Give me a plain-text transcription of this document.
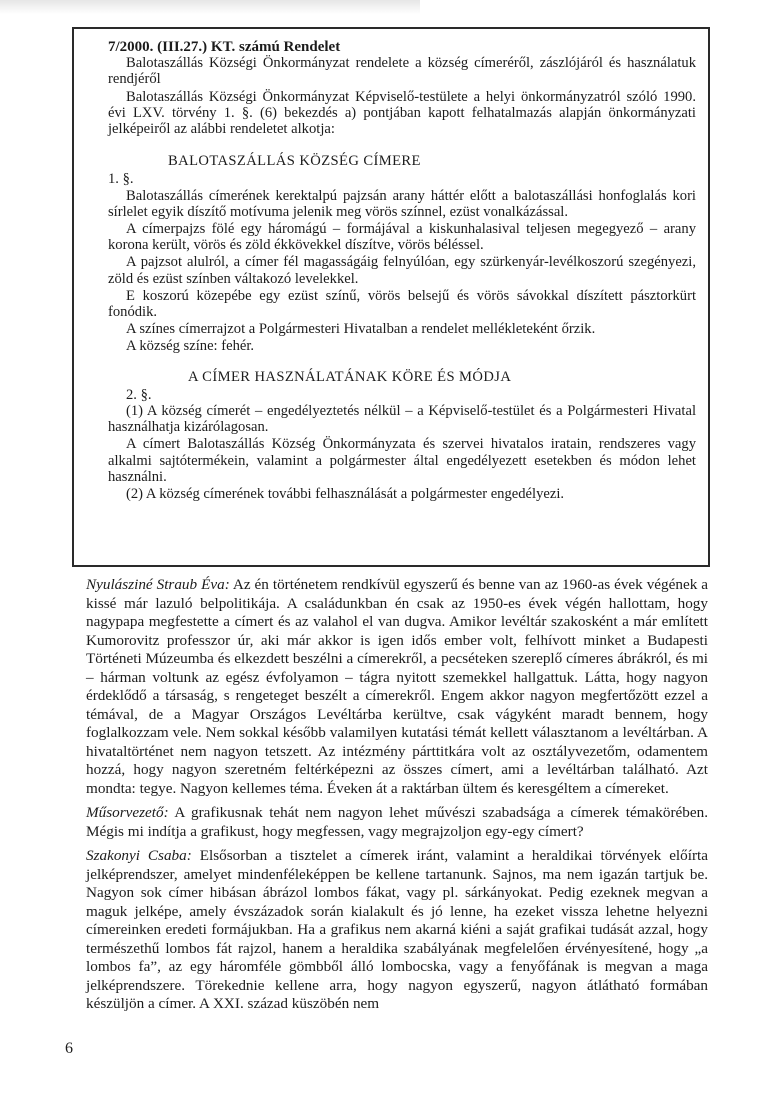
7/2000. (III.27.) KT. számú Rendelet

Balotaszállás Községi Önkormányzat rendelete a község címeréről, zászlójáról és használatuk rendjéről

Balotaszállás Községi Önkormányzat Képviselő-testülete a helyi önkormányzatról szóló 1990. évi LXV. törvény 1. §. (6) bekezdés a) pontjában kapott felhatalmazás alapján önkormányzati jelképeiről az alábbi rendeletet alkotja:

BALOTASZÁLLÁS KÖZSÉG CÍMERE

1. §.

Balotaszállás címerének kerektalpú pajzsán arany háttér előtt a balotaszállási honfoglalás kori sírlelet egyik díszítő motívuma jelenik meg vörös színnel, ezüst vonalkázással.

A címerpajzs fölé egy háromágú – formájával a kiskunhalasival teljesen megegyező – arany korona került, vörös és zöld ékkövekkel díszítve, vörös béléssel.

A pajzsot alulról, a címer fél magasságáig felnyúlóan, egy szürkenyár-levélkoszorú szegényezi, zöld és ezüst színben váltakozó levelekkel.

E koszorú közepébe egy ezüst színű, vörös belsejű és vörös sávokkal díszített pásztorkürt fonódik.

A színes címerrajzot a Polgármesteri Hivatalban a rendelet mellékleteként őrzik.

A község színe: fehér.

A CÍMER HASZNÁLATÁNAK KÖRE ÉS MÓDJA

2. §.

(1) A község címerét – engedélyeztetés nélkül – a Képviselő-testület és a Polgármesteri Hivatal használhatja kizárólagosan.

A címert Balotaszállás Község Önkormányzata és szervei hivatalos iratain, rendszeres vagy alkalmi sajtótermékein, valamint a polgármester által engedélyezett esetekben és módon lehet használni.

(2) A község címerének további felhasználását a polgármester engedélyezi.

Nyulásziné Straub Éva: Az én történetem rendkívül egyszerű és benne van az 1960-as évek végének a kissé már lazuló belpolitikája. A családunkban én csak az 1950-es évek végén hallottam, hogy nagypapa megfestette a címert és az valahol el van dugva. Amikor levéltár szakosként a már említett Kumorovitz professzor úr, aki már akkor is igen idős ember volt, felhívott minket a Budapesti Történeti Múzeumba és elkezdett beszélni a címerekről, a pecséteken szereplő címeres ábrákról, és mi – hárman voltunk az egész évfolyamon – tágra nyitott szemekkel hallgattuk. Látta, hogy nagyon érdeklődő a társaság, s rengeteget beszélt a címerekről. Engem akkor nagyon megfertőzött ezzel a témával, de a Magyar Országos Levéltárba kerültve, csak vágyként maradt bennem, hogy foglalkozzam vele. Nem sokkal később valamilyen kutatási témát kellett választanom a levéltárban. A hivataltörténet nem nagyon tetszett. Az intézmény párttitkára volt az osztályvezetőm, odamentem hozzá, hogy nagyon szeretném feltérképezni az összes címert, ami a levéltárban található. Azt mondta: tegye. Nagyon kellemes téma. Éveken át a raktárban ültem és keresgéltem a címereket.

Műsorvezető: A grafikusnak tehát nem nagyon lehet művészi szabadsága a címerek témakörében. Mégis mi indítja a grafikust, hogy megfessen, vagy megrajzoljon egy-egy címert?

Szakonyi Csaba: Elsősorban a tisztelet a címerek iránt, valamint a heraldikai törvények előírta jelképrendszer, amelyet mindenféleképpen be kellene tartanunk. Sajnos, ma nem igazán tartjuk be. Nagyon sok címer hibásan ábrázol lombos fákat, vagy pl. sárkányokat. Pedig ezeknek megvan a maguk jelképe, amely évszázadok során kialakult és jó lenne, ha ezeket vissza lehetne helyezni címereinken eredeti formájukban. Ha a grafikus nem akarná kiéni a saját grafikai tudását azzal, hogy természethű lombos fát rajzol, hanem a heraldika szabályának megfelelően érvényesítené, hogy „a lombos fa”, az egy háromféle gömbből álló lombocska, vagy a fenyőfának is megvan a maga jelképrendszere. Törekednie kellene arra, hogy nagyon egyszerű, nagyon átlátható formában készüljön a címer. A XXI. század küszöbén nem

6
